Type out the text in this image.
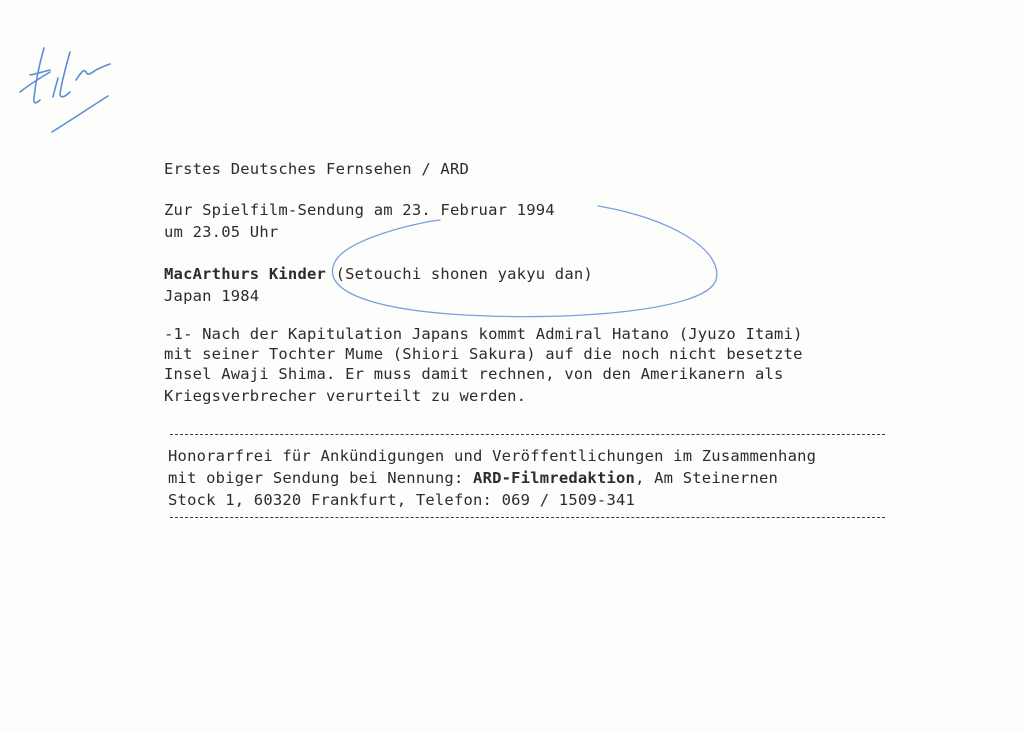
Erstes Deutsches Fernsehen / ARD
Zur Spielfilm-Sendung am 23. Februar 1994
um 23.05 Uhr
MacArthurs Kinder (Setouchi shonen yakyu dan)
Japan 1984
-1- Nach der Kapitulation Japans kommt Admiral Hatano (Jyuzo Itami)
mit seiner Tochter Mume (Shiori Sakura) auf die noch nicht besetzte
Insel Awaji Shima. Er muss damit rechnen, von den Amerikanern als
Kriegsverbrecher verurteilt zu werden.
Honorarfrei für Ankündigungen und Veröffentlichungen im Zusammenhang
mit obiger Sendung bei Nennung: ARD-Filmredaktion, Am Steinernen
Stock 1, 60320 Frankfurt, Telefon: 069 / 1509-341
